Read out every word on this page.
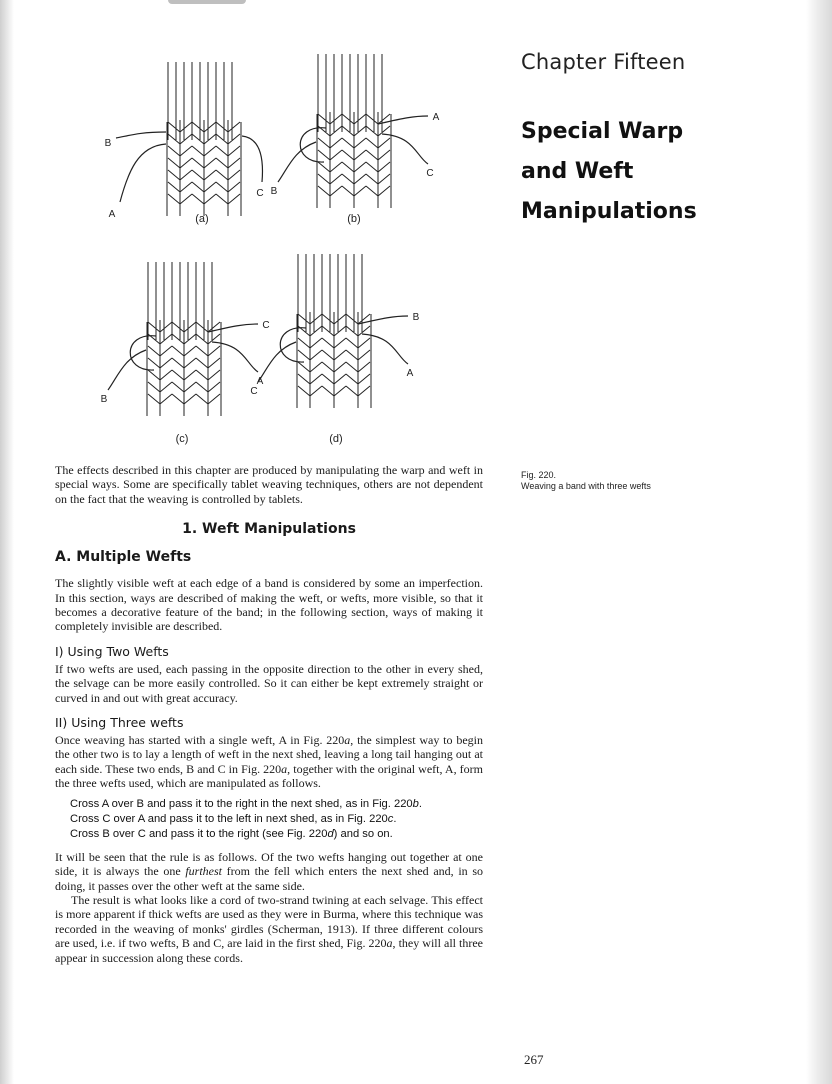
B
A
C
A
C
B
C
A
B
B
A
C
(a)	(b)
(c)	(d)
Chapter Fifteen
Special Warp
and Weft
Manipulations
Fig. 220.
Weaving a band with three wefts

The effects described in this chapter are produced by manipulating the warp and weft in special ways. Some are specifically tablet weaving techniques, others are not dependent on the fact that the weaving is controlled by tablets.

1. Weft Manipulations
A. Multiple Wefts

The slightly visible weft at each edge of a band is considered by some an imperfection. In this section, ways are described of making the weft, or wefts, more visible, so that it becomes a decorative feature of the band; in the following section, ways of making it completely invisible are described.

I) Using Two Wefts

If two wefts are used, each passing in the opposite direction to the other in every shed, the selvage can be more easily controlled. So it can either be kept extremely straight or curved in and out with great accuracy.

II) Using Three wefts

Once weaving has started with a single weft, A in Fig. 220a, the simplest way to begin the other two is to lay a length of weft in the next shed, leaving a long tail hanging out at each side. These two ends, B and C in Fig. 220a, together with the original weft, A, form the three wefts used, which are manipulated as follows.

Cross A over B and pass it to the right in the next shed, as in Fig. 220b.
Cross C over A and pass it to the left in next shed, as in Fig. 220c.
Cross B over C and pass it to the right (see Fig. 220d) and so on.

It will be seen that the rule is as follows. Of the two wefts hanging out together at one side, it is always the one furthest from the fell which enters the next shed and, in so doing, it passes over the other weft at the same side.

The result is what looks like a cord of two-strand twining at each selvage. This effect is more apparent if thick wefts are used as they were in Burma, where this technique was recorded in the weaving of monks' girdles (Scherman, 1913). If three different colours are used, i.e. if two wefts, B and C, are laid in the first shed, Fig. 220a, they will all three appear in succession along these cords.

267
